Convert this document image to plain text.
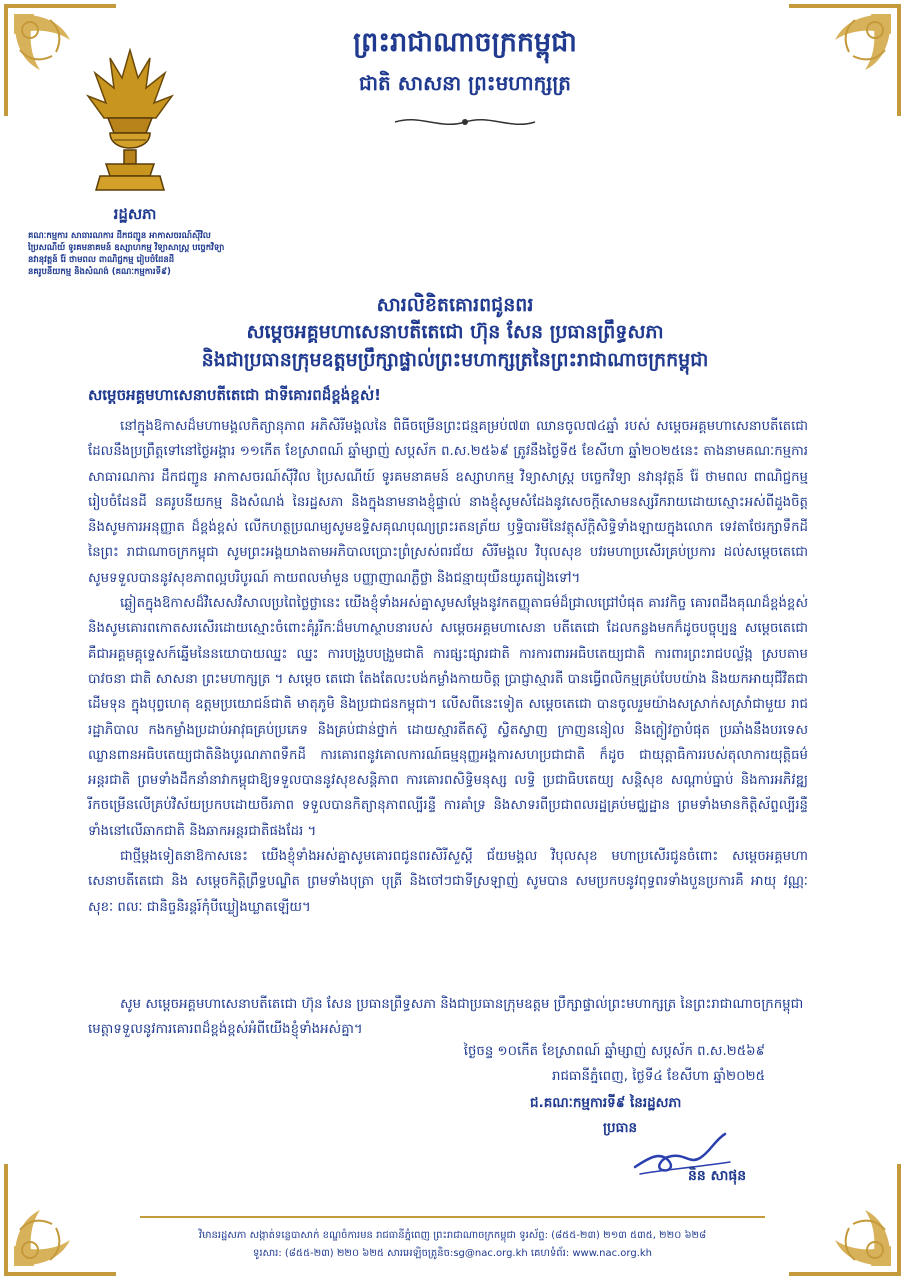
ព្រះរាជាណាចក្រកម្ពុជា
ជាតិ សាសនា ព្រះមហាក្សត្រ
រដ្ឋសភា
គណៈកម្មការ សាធារណការ ដឹកជញ្ជូន អាកាសចរណ៍ស៊ីវិល
ប្រៃសណីយ៍ ទូរគមនាគមន៍ ឧស្សាហកម្ម វិទ្យាសាស្ត្រ បច្ចេកវិទ្យា
នវានុវត្តន៍ រ៉ែ ថាមពល ពាណិជ្ជកម្ម រៀបចំដែនដី
នគរូបនីយកម្ម និងសំណង់ (គណៈកម្មការទី៩)
សារលិខិតគោរពជូនពរ
សម្តេចអគ្គមហាសេនាបតីតេជោ ហ៊ុន សែន ប្រធានព្រឹទ្ធសភា
និងជាប្រធានក្រុមឧត្តមប្រឹក្សាផ្ទាល់ព្រះមហាក្សត្រនៃព្រះរាជាណាចក្រកម្ពុជា
សម្តេចអគ្គមហាសេនាបតីតេជោ ជាទីគោរពដ៏ខ្ពង់ខ្ពស់!

នៅក្នុងឱកាសដ៏មហាមង្គលកិត្យានុភាព អភិសិរីមង្គលនៃ ពិធីចម្រើនព្រះជន្មគម្រប់៧៣ ឈានចូល៧៤ឆ្នាំ របស់ សម្តេចអគ្គមហាសេនាបតីតេជោ ដែលនឹងប្រព្រឹត្តទៅនៅថ្ងៃអង្គារ ១១កើត ខែស្រាពណ៍ ឆ្នាំម្សាញ់ សប្តស័ក ព.ស.២៥៦៩ ត្រូវនឹងថ្ងៃទី៥ ខែសីហា ឆ្នាំ២០២៥នេះ តាងនាមគណៈកម្មការ សាធារណការ ដឹកជញ្ជូន អាកាសចរណ៍ស៊ីវិល ប្រៃសណីយ៍ ទូរគមនាគមន៍ ឧស្សាហកម្ម វិទ្យាសាស្ត្រ បច្ចេកវិទ្យា នវានុវត្តន៍ រ៉ែ ថាមពល ពាណិជ្ជកម្ម រៀបចំដែនដី នគរូបនីយកម្ម និងសំណង់ នៃរដ្ឋសភា និងក្នុងនាមនាងខ្ញុំផ្ទាល់ នាងខ្ញុំសូមសំដែងនូវសេចក្តីសោមនស្សរីករាយដោយស្មោះអស់ពីដួងចិត្ត និងសូមការអនុញ្ញាត ដ៏ខ្ពង់ខ្ពស់ លើកហត្ថប្រណម្យសូមឧទ្ទិសគុណបុណ្យព្រះរតនត្រ័យ ឫទ្ធិបារមីនៃវត្ថុស័ក្តិសិទ្ធិទាំងឡាយក្នុងលោក ទេវតាថែរក្សាទឹកដីនៃព្រះ រាជាណាចក្រកម្ពុជា សូមព្រះអង្គយាងតាមអភិបាលប្រោះព្រំស្រស់ពរជ័យ សិរីមង្គល វិបុលសុខ បវរមហាប្រសើរគ្រប់ប្រការ ដល់សម្តេចតេជោ សូមទទួលបាននូវសុខភាពល្អបរិបូរណ៍ កាយពលមាំមួន បញ្ញាញាណភ្លឺថ្លា និងជន្មាយុយឺនយូរតរៀងទៅ។

ឆ្លៀតក្នុងឱកាសដ៏វិសេសវិសាលប្រពៃថ្លៃថ្លានេះ យើងខ្ញុំទាំងអស់គ្នាសូមសម្តែងនូវកតញ្ញុតាធម៌ដ៏ជ្រាលជ្រៅបំផុត គារវកិច្ច គោរពដឹងគុណដ៏ខ្ពង់ខ្ពស់ និងសូមគោរពកោតសរសើរដោយស្មោះចំពោះគុំរូរីកៈដ៏មហាស្ថាបនារបស់ សម្តេចអគ្គមហាសេនា បតីតេជោ ដែលកន្លងមកក៏ដូចបច្ចុប្បន្ន សម្តេចតេជោ គឺជាអគ្គមគ្គុទ្ទេសក៍ឆ្នើមនៃនយោបាយឈ្នះ ឈ្នះ ការបង្រួបបង្រួមជាតិ ការផ្សះផ្សារជាតិ ការការពារអធិបតេយ្យជាតិ ការពារព្រះរាជបល្ល័ង្ក ស្របតាមបាវចនា ជាតិ សាសនា ព្រះមហាក្សត្រ ។ សម្តេច តេជោ តែងតែលះបង់កម្លាំងកាយចិត្ត ប្រាជ្ញាស្មារតី បានធ្វើពលិកម្មគ្រប់បែបយ៉ាង និងយកអាយុជីវិតជាដើមទុន ក្នុងបុព្វហេតុ ឧត្តមប្រយោជន៍ជាតិ មាតុភូមិ និងប្រជាជនកម្ពុជា។ លើសពីនេះទៀត សម្តេចតេជោ បានចូលរួមយ៉ាងសស្រាក់សស្រាំជាមួយ រាជរដ្ឋាភិបាល កងកម្លាំងប្រដាប់អាវុធគ្រប់ប្រភេទ និងគ្រប់ជាន់ថ្នាក់ ដោយស្មារតីតស៊ូ ស្វិតស្វាញ ក្រាញននៀល និងក្លៀវក្លាបំផុត ប្រឆាំងនឹងបរទេសឈ្លានពានអធិបតេយ្យជាតិនិងបូរណភាពទឹកដី ការគោរពនូវគោលការណ៍ធម្មនុញ្ញអង្គការសហប្រជាជាតិ ក៏ដូច ជាយុត្តាធិការរបស់តុលាការយុត្តិធម៌អន្តរជាតិ ព្រមទាំងដឹកនាំនាវាកម្ពុជាឱ្យទទួលបាននូវសុខសន្តិភាព ការគោរពសិទ្ធិមនុស្ស លទ្ធិ ប្រជាធិបតេយ្យ សន្តិសុខ សណ្តាប់ធ្នាប់ និងការអភិវឌ្ឍរីកចម្រើនលើគ្រប់វិស័យប្រកបដោយចីរភាព ទទួលបានកិត្យានុភាពល្បីរន្ទឺ ការគាំទ្រ និងសាទរពីប្រជាពលរដ្ឋគ្រប់មជ្ឈដ្ឋាន ព្រមទាំងមានកិត្តិស័ព្ទល្បីរន្ទឺទាំងនៅលើឆាកជាតិ និងឆាកអន្តរជាតិផងដែរ ។

ជាថ្មីម្តងទៀតនាឱកាសនេះ យើងខ្ញុំទាំងអស់គ្នាសូមគោរពជូនពរសិរីសួស្តី ជ័យមង្គល វិបុលសុខ មហាប្រសើរជូនចំពោះ សម្តេចអគ្គមហាសេនាបតីតេជោ និង សម្តេចកិត្តិព្រឹទ្ធបណ្ឌិត ព្រមទាំងបុត្រា បុត្រី និងចៅៗជាទីស្រឡាញ់ សូមបាន សមប្រកបនូវពុទ្ធពរទាំងបួនប្រការគឺ អាយុ វណ្ណៈ សុខៈ ពលៈ ជានិច្ចនិរន្តរ៍កុំបីឃ្លៀងឃ្លាតឡើយ។

សូម សម្តេចអគ្គមហាសេនាបតីតេជោ ហ៊ុន សែន ប្រធានព្រឹទ្ធសភា និងជាប្រធានក្រុមឧត្តម ប្រឹក្សាផ្ទាល់ព្រះមហាក្សត្រ នៃព្រះរាជាណាចក្រកម្ពុជា មេត្តាទទួលនូវការគោរពដ៏ខ្ពង់ខ្ពស់អំពីយើងខ្ញុំទាំងអស់គ្នា។

ថ្ងៃចន្ទ ១០កើត ខែស្រាពណ៍ ឆ្នាំម្សាញ់ សប្តស័ក ព.ស.២៥៦៩
រាជធានីភ្នំពេញ, ថ្ងៃទី៤ ខែសីហា ឆ្នាំ២០២៥
ជ.គណៈកម្មការទី៩ នៃរដ្ឋសភា
ប្រធាន
និន សាផុន
វិមានរដ្ឋសភា សង្កាត់ទន្លេបាសាក់ ខណ្ឌចំការមន រាជធានីភ្នំពេញ ព្រះរាជាណាចក្រកម្ពុជា ទូរស័ព្ទ: (៨៥៥-២៣) ២១៣ ៥៣៥, ២២០ ៦២៨
ទូរសារ: (៨៥៥-២៣) ២២០ ៦២៥ សារអេឡិចត្រូនិច:sg@nac.org.kh គេហទំព័រ: www.nac.org.kh
